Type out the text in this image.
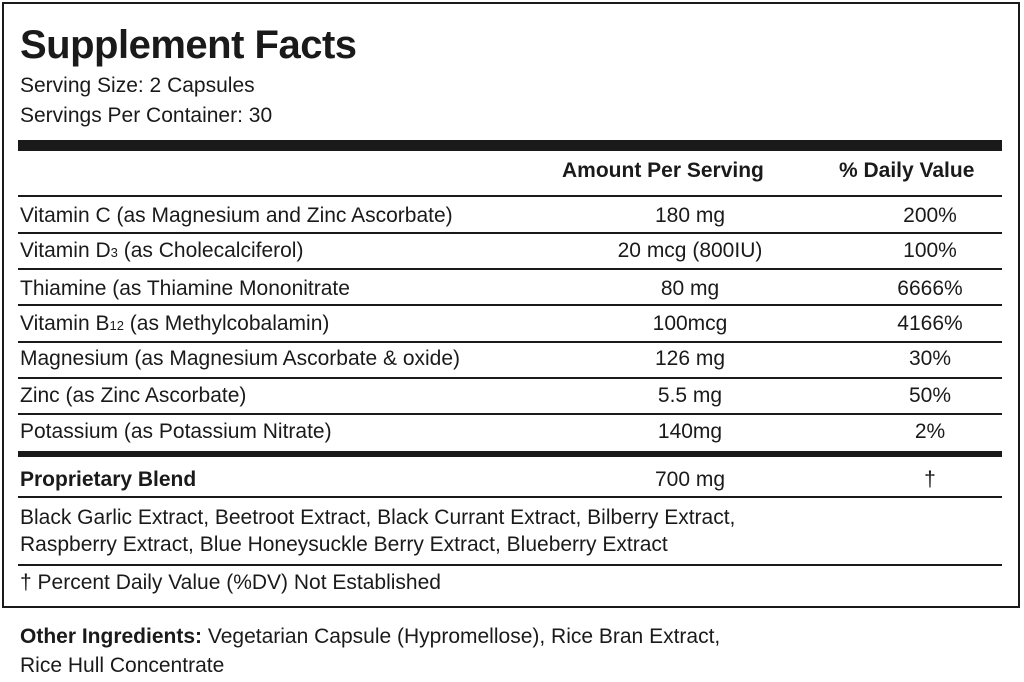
Supplement Facts
Serving Size: 2 Capsules
Servings Per Container: 30
Amount Per Serving	% Daily Value
Vitamin C (as Magnesium and Zinc Ascorbate)	180 mg	200%
Vitamin D3 (as Cholecalciferol)	20 mcg (800IU)	100%
Thiamine (as Thiamine Mononitrate	80 mg	6666%
Vitamin B12 (as Methylcobalamin)	100mcg	4166%
Magnesium (as Magnesium Ascorbate & oxide)	126 mg	30%
Zinc (as Zinc Ascorbate)	5.5 mg	50%
Potassium (as Potassium Nitrate)	140mg	2%
Proprietary Blend	700 mg	†
Black Garlic Extract, Beetroot Extract, Black Currant Extract, Bilberry Extract,
Raspberry Extract, Blue Honeysuckle Berry Extract, Blueberry Extract
† Percent Daily Value (%DV) Not Established
Other Ingredients: Vegetarian Capsule (Hypromellose), Rice Bran Extract,
Rice Hull Concentrate
